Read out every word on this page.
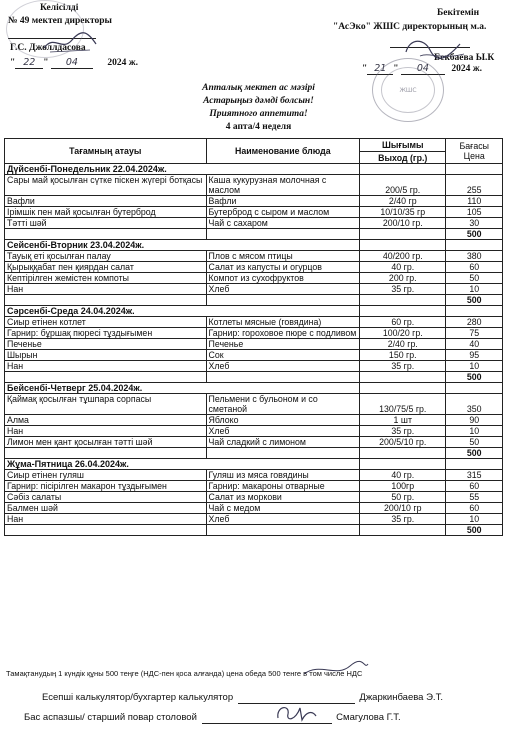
Келісілді
№ 49 мектеп директоры
Г.С. Джоллдасова
" 22 " 04	2024 ж.
Бекітемін
"АсЭко" ЖШС директорының м.а.
Бекбаева Ы.К
" 21 " 04 2024 ж.
ЖШС
Апталық мектеп ас мәзірі
Астарыңыз дәмді болсын!
Приятного аппетита!
4 апта/4 неделя
Тағамның атауы	Наименование блюда	Шығымы	Бағасы
Цена

		Выход (гр.)	
Дүйсенбі-Понедельник 22.04.2024ж.			
Сары май қосылған сүтке піскен жүгері ботқасы	Каша кукурузная молочная с маслом	200/5 гр.	255
Вафли	Вафли	2/40 гр	110
Ірімшік пен май қосылған бутерброд	Бутерброд с сыром и маслом	10/10/35 гр	105
Тәтті шәй	Чай с сахаром	200/10 гр.	30
			500
Сейсенбі-Вторник 23.04.2024ж.			
Тауық еті қосылған палау	Плов с мясом птицы	40/200 гр.	380
Қырыққабат пен қиярдан салат	Салат из капусты и огурцов	40 гр.	60
Кептірілген жемістен компоты	Компот из сухофруктов	200 гр.	50
Нан	Хлеб	35 гр.	10
			500
Сәрсенбі-Среда 24.04.2024ж.			
Сиыр етінен котлет	Котлеты мясные (говядина)	60 гр.	280
Гарнир: бұршақ пюресі тұздығымен	Гарнир: гороховое пюре с подливом	100/20 гр.	75
Печенье	Печенье	2/40 гр.	40
Шырын	Сок	150 гр.	95
Нан	Хлеб	35 гр.	10
			500
Бейсенбі-Четверг 25.04.2024ж.			
Қаймақ қосылған тұшпара сорпасы	Пельмени с бульоном и со сметаной	130/75/5 гр.	350
Алма	Яблоко	1 шт	90
Нан	Хлеб	35 гр.	10
Лимон мен қант қосылған тәтті шәй	Чай сладкий с лимоном	200/5/10 гр.	50
			500
Жұма-Пятница 26.04.2024ж.			
Сиыр етінен гуляш	Гуляш из мяса говядины	40 гр.	315
Гарнир: пісірілген макарон тұздығымен	Гарнир: макароны отварные	100гр	60
Сәбіз салаты	Салат из моркови	50 гр.	55
Балмен шәй	Чай с медом	200/10 гр	60
Нан	Хлеб	35 гр.	10
			500
Тамақтанудың 1 күндік құны 500 теңге (НДС-пен қоса алғанда) цена обеда 500 тенге в том числе НДС
Есепші калькулятор/бухгартер калькулятор	Джаркинбаева Э.Т.
Бас аспазшы/ старший повар столовой	Смагулова Г.Т.
